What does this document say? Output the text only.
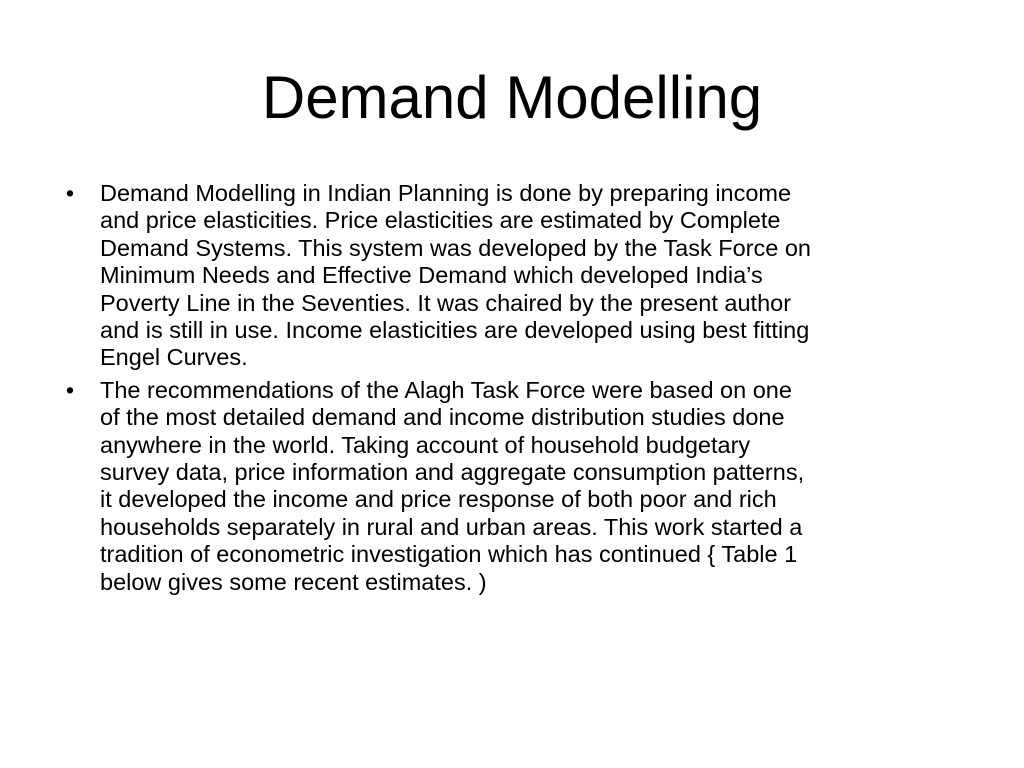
Demand Modelling
• Demand Modelling in Indian Planning is done by preparing income
and price elasticities. Price elasticities are estimated by Complete
Demand Systems. This system was developed by the Task Force on
Minimum Needs and Effective Demand which developed India’s
Poverty Line in the Seventies. It was chaired by the present author
and is still in use. Income elasticities are developed using best fitting
Engel Curves.
• The recommendations of the Alagh Task Force were based on one
of the most detailed demand and income distribution studies done
anywhere in the world. Taking account of household budgetary
survey data, price information and aggregate consumption patterns,
it developed the income and price response of both poor and rich
households separately in rural and urban areas. This work started a
tradition of econometric investigation which has continued { Table 1
below gives some recent estimates. )
